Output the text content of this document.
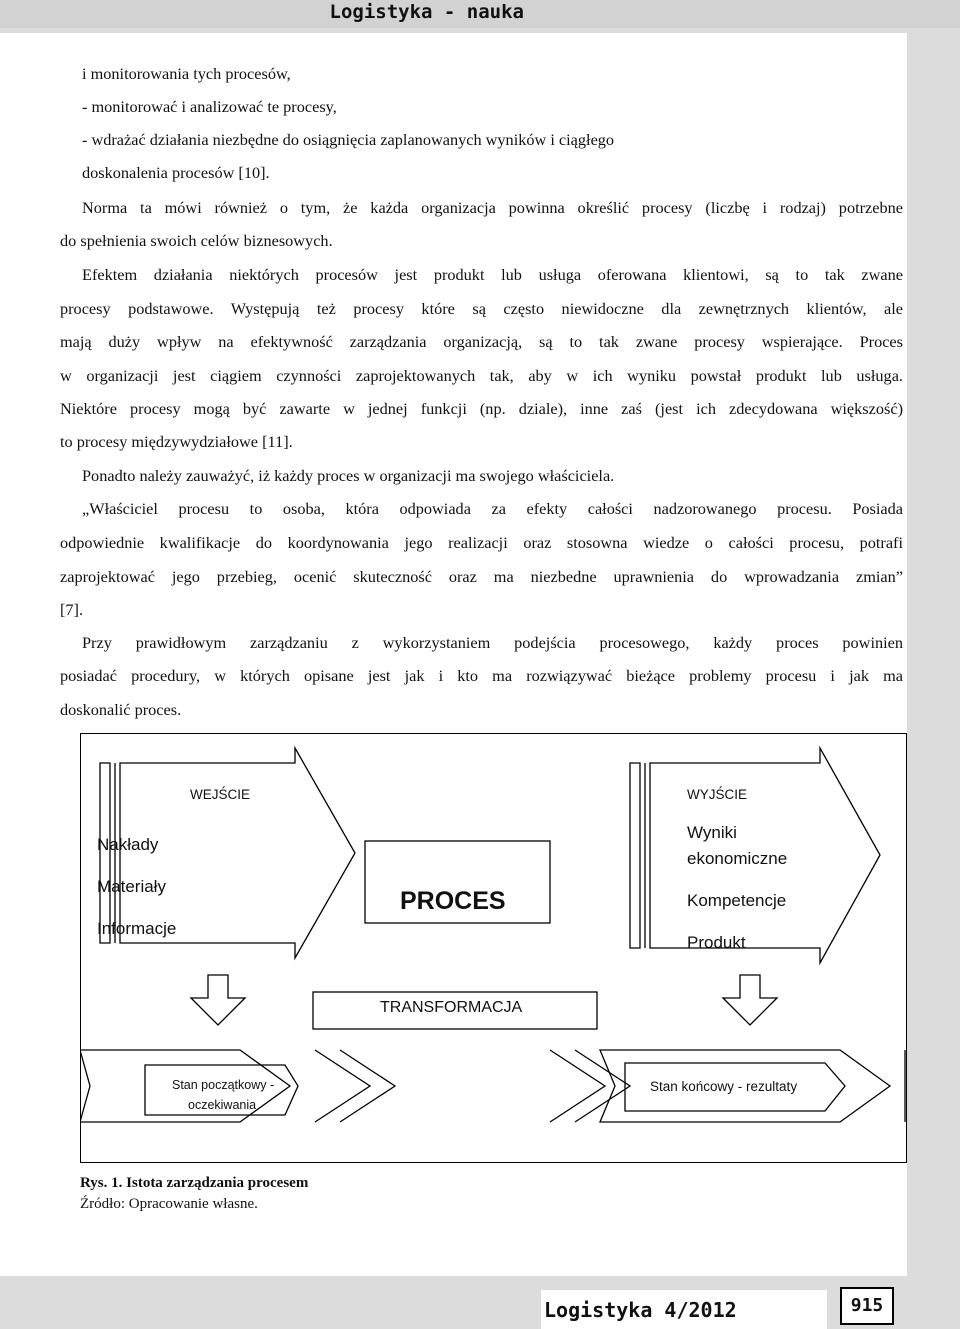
Logistyka - nauka
i monitorowania tych procesów,
- monitorować i analizować te procesy,
- wdrażać działania niezbędne do osiągnięcia zaplanowanych wyników i ciągłego
doskonalenia procesów [10].
Norma ta mówi również o tym, że każda organizacja powinna określić procesy (liczbę i rodzaj) potrzebne
do spełnienia swoich celów biznesowych.
Efektem działania niektórych procesów jest produkt lub usługa oferowana klientowi, są to tak zwane
procesy podstawowe. Występują też procesy które są często niewidoczne dla zewnętrznych klientów, ale
mają duży wpływ na efektywność zarządzania organizacją, są to tak zwane procesy wspierające. Proces
w organizacji jest ciągiem czynności zaprojektowanych tak, aby w ich wyniku powstał produkt lub usługa.
Niektóre procesy mogą być zawarte w jednej funkcji (np. dziale), inne zaś (jest ich zdecydowana większość)
to procesy międzywydziałowe [11].
Ponadto należy zauważyć, iż każdy proces w organizacji ma swojego właściciela.
„Właściciel procesu to osoba, która odpowiada za efekty całości nadzorowanego procesu. Posiada
odpowiednie kwalifikacje do koordynowania jego realizacji oraz stosowna wiedze o całości procesu, potrafi
zaprojektować jego przebieg, ocenić skuteczność oraz ma niezbedne uprawnienia do wprowadzania zmian”
[7].
Przy prawidłowym zarządzaniu z wykorzystaniem podejścia procesowego, każdy proces powinien
posiadać procedury, w których opisane jest jak i kto ma rozwiązywać bieżące problemy procesu i jak ma
doskonalić proces.
WEJŚCIE	WYJŚCIE
Nakłady
Materiały
Informacje
Wyniki
ekonomiczne
Kompetencje
Produkt
PROCES
TRANSFORMACJA
Stan początkowy -
oczekiwania
Stan końcowy - rezultaty
Rys. 1. Istota zarządzania procesem
Źródło: Opracowanie własne.
Logistyka 4/2012	915
